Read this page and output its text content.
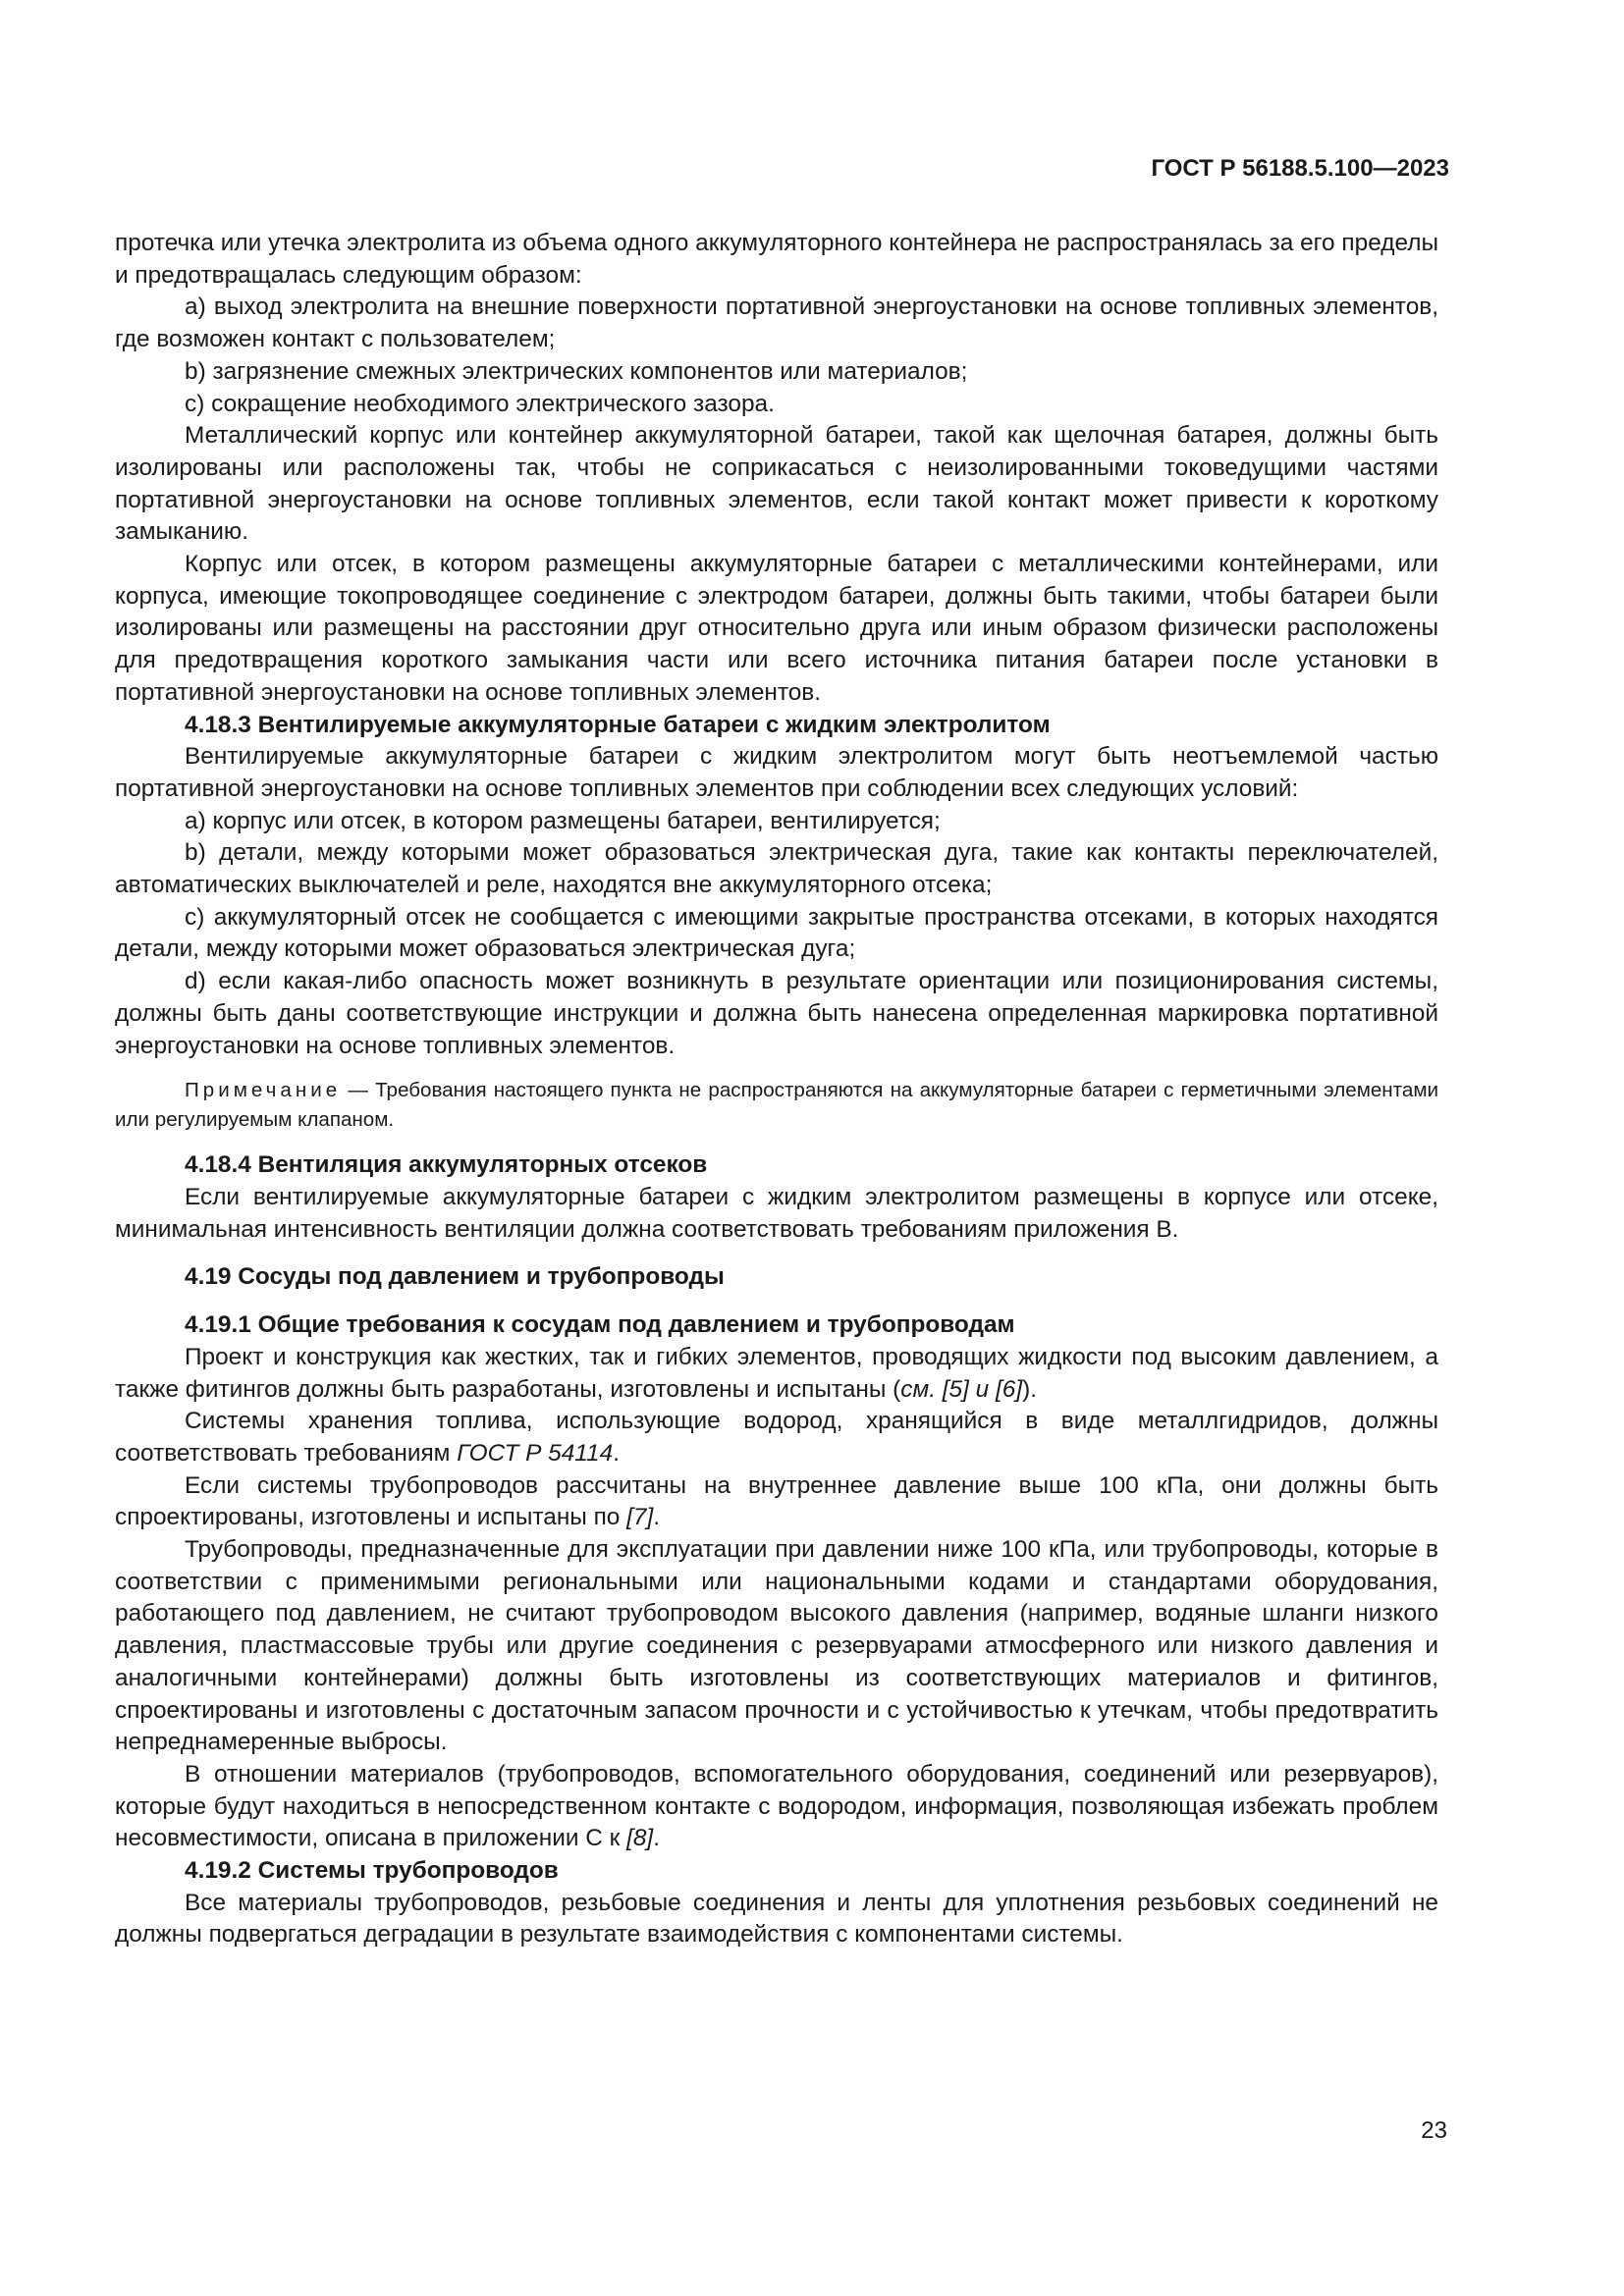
ГОСТ Р 56188.5.100—2023

протечка или утечка электролита из объема одного аккумуляторного контейнера не распространялась за его пределы и предотвращалась следующим образом:

a) выход электролита на внешние поверхности портативной энергоустановки на основе топливных элементов, где возможен контакт с пользователем;

b) загрязнение смежных электрических компонентов или материалов;

c) сокращение необходимого электрического зазора.

Металлический корпус или контейнер аккумуляторной батареи, такой как щелочная батарея, должны быть изолированы или расположены так, чтобы не соприкасаться с неизолированными токоведущими частями портативной энергоустановки на основе топливных элементов, если такой контакт может привести к короткому замыканию.

Корпус или отсек, в котором размещены аккумуляторные батареи с металлическими контейнерами, или корпуса, имеющие токопроводящее соединение с электродом батареи, должны быть такими, чтобы батареи были изолированы или размещены на расстоянии друг относительно друга или иным образом физически расположены для предотвращения короткого замыкания части или всего источника питания батареи после установки в портативной энергоустановки на основе топливных элементов.

4.18.3 Вентилируемые аккумуляторные батареи с жидким электролитом

Вентилируемые аккумуляторные батареи с жидким электролитом могут быть неотъемлемой частью портативной энергоустановки на основе топливных элементов при соблюдении всех следующих условий:

a) корпус или отсек, в котором размещены батареи, вентилируется;

b) детали, между которыми может образоваться электрическая дуга, такие как контакты переключателей, автоматических выключателей и реле, находятся вне аккумуляторного отсека;

c) аккумуляторный отсек не сообщается с имеющими закрытые пространства отсеками, в которых находятся детали, между которыми может образоваться электрическая дуга;

d) если какая-либо опасность может возникнуть в результате ориентации или позиционирования системы, должны быть даны соответствующие инструкции и должна быть нанесена определенная маркировка портативной энергоустановки на основе топливных элементов.

Примечание — Требования настоящего пункта не распространяются на аккумуляторные батареи с герметичными элементами или регулируемым клапаном.

4.18.4 Вентиляция аккумуляторных отсеков

Если вентилируемые аккумуляторные батареи с жидким электролитом размещены в корпусе или отсеке, минимальная интенсивность вентиляции должна соответствовать требованиям приложения В.

4.19 Сосуды под давлением и трубопроводы

4.19.1 Общие требования к сосудам под давлением и трубопроводам

Проект и конструкция как жестких, так и гибких элементов, проводящих жидкости под высоким давлением, а также фитингов должны быть разработаны, изготовлены и испытаны (см. [5] и [6]).

Системы хранения топлива, использующие водород, хранящийся в виде металлгидридов, должны соответствовать требованиям ГОСТ Р 54114.

Если системы трубопроводов рассчитаны на внутреннее давление выше 100 кПа, они должны быть спроектированы, изготовлены и испытаны по [7].

Трубопроводы, предназначенные для эксплуатации при давлении ниже 100 кПа, или трубопроводы, которые в соответствии с применимыми региональными или национальными кодами и стандартами оборудования, работающего под давлением, не считают трубопроводом высокого давления (например, водяные шланги низкого давления, пластмассовые трубы или другие соединения с резервуарами атмосферного или низкого давления и аналогичными контейнерами) должны быть изготовлены из соответствующих материалов и фитингов, спроектированы и изготовлены с достаточным запасом прочности и с устойчивостью к утечкам, чтобы предотвратить непреднамеренные выбросы.

В отношении материалов (трубопроводов, вспомогательного оборудования, соединений или резервуаров), которые будут находиться в непосредственном контакте с водородом, информация, позволяющая избежать проблем несовместимости, описана в приложении С к [8].

4.19.2 Системы трубопроводов

Все материалы трубопроводов, резьбовые соединения и ленты для уплотнения резьбовых соединений не должны подвергаться деградации в результате взаимодействия с компонентами системы.

23
